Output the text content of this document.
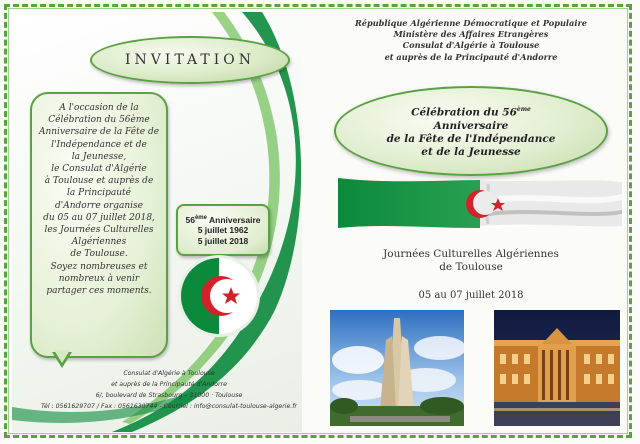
INVITATION
A l'occasion de la
Célébration du 56ème
Anniversaire de la Fête de
l'Indépendance et de
la Jeunesse,
le Consulat d'Algérie
à Toulouse et auprès de
la Principauté
d'Andorre organise
du 05 au 07 juillet 2018,
les Journées Culturelles
Algériennes
de Toulouse.
Soyez nombreuses et
nombreux à venir
partager ces moments.
56ème Anniversaire
5 juillet 1962
5 juillet 2018

Consulat d'Algérie à Toulouse

et auprès de la Principauté d'Andorre

6/, boulevard de Strasbourg – 31000 · Toulouse

Tél : 0561629707 / Fax : 0561630744 - Courriel : info@consulat-toulouse-algerie.fr

République Algérienne Démocratique et Populaire

Ministère des Affaires Etrangères

Consulat d'Algérie à Toulouse

et auprès de la Principauté d'Andorre

Célébration du 56ème
Anniversaire
de la Fête de l'Indépendance
et de la Jeunesse

Journées Culturelles Algériennes

de Toulouse

05 au 07 juillet 2018
